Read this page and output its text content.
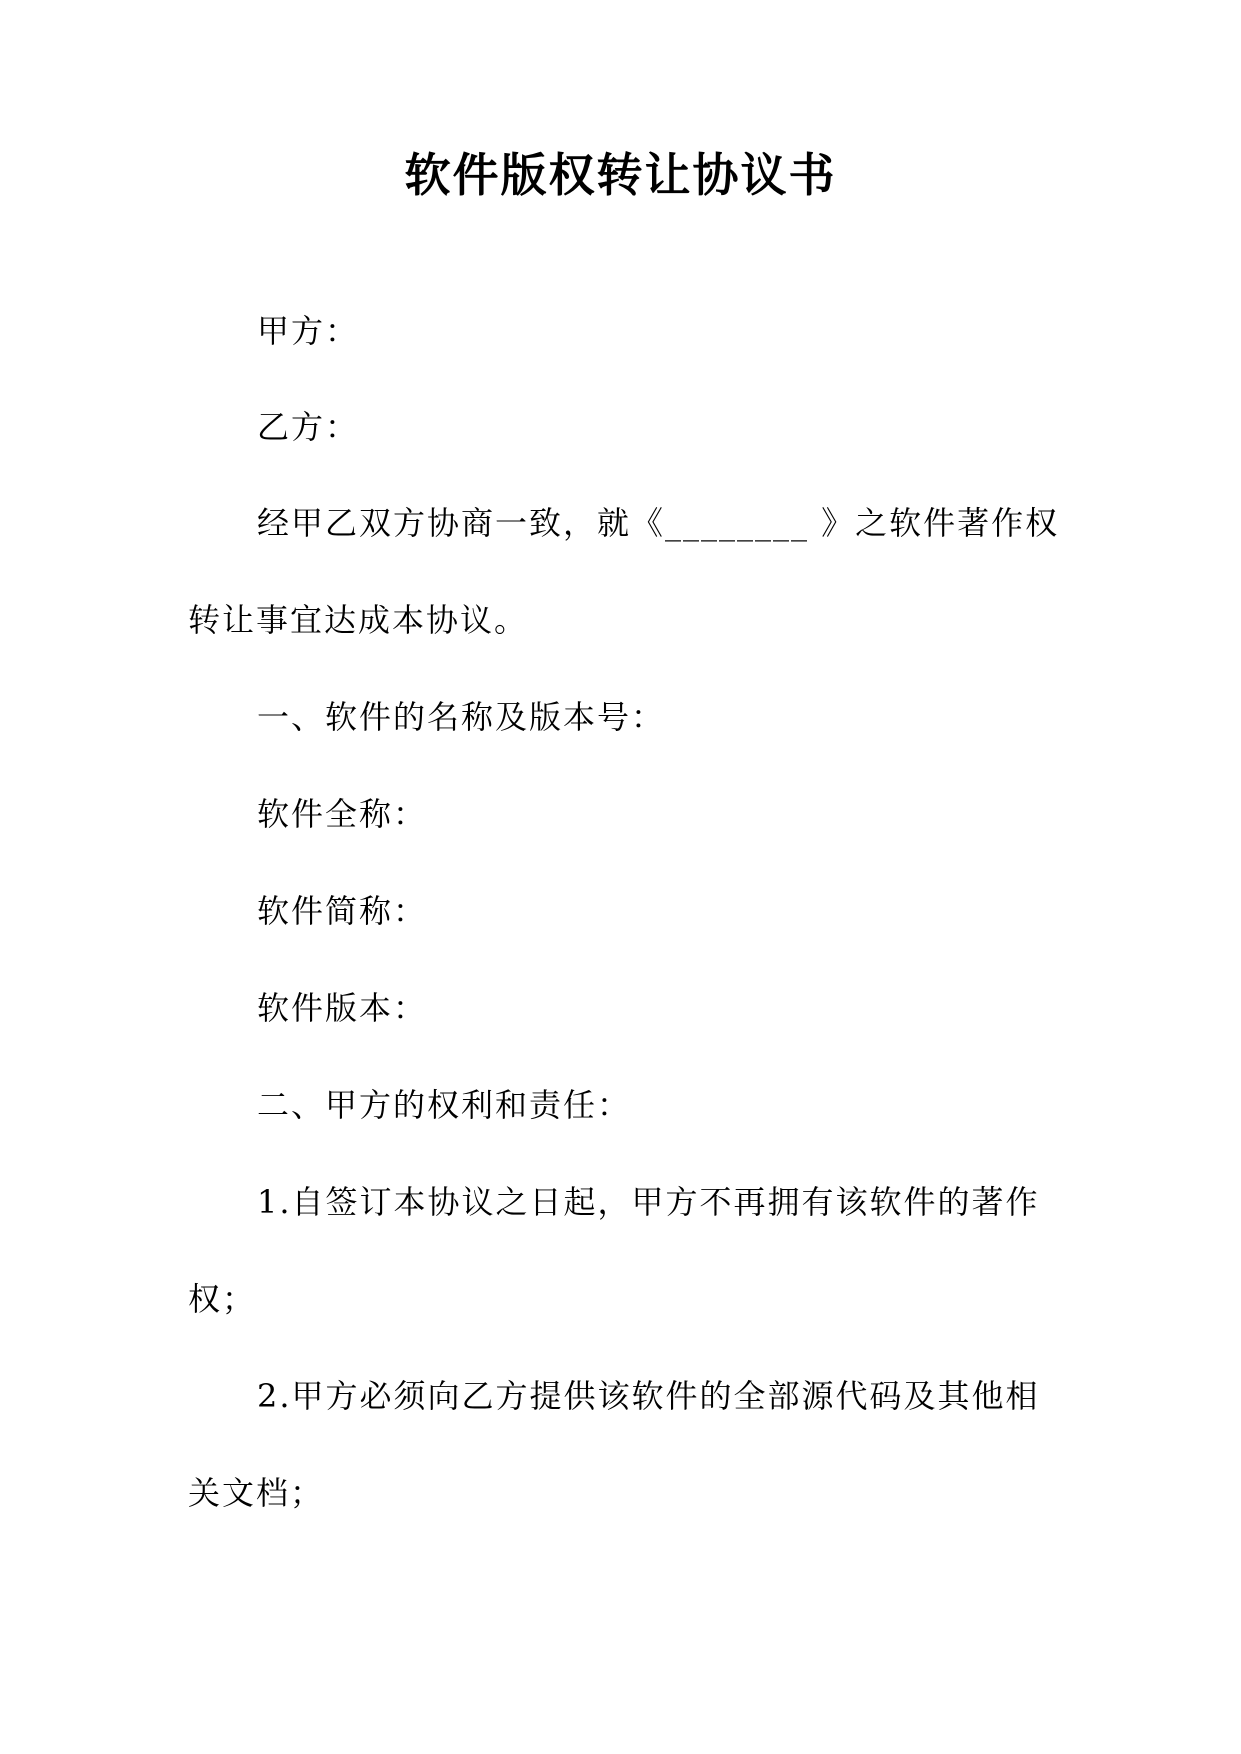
软件版权转让协议书
甲方：
乙方：
经甲乙双方协商一致，就《________ 》之软件著作权
转让事宜达成本协议。
一、软件的名称及版本号：
软件全称：
软件简称：
软件版本：
二、甲方的权利和责任：
1.自签订本协议之日起，甲方不再拥有该软件的著作
权；
2.甲方必须向乙方提供该软件的全部源代码及其他相
关文档；
